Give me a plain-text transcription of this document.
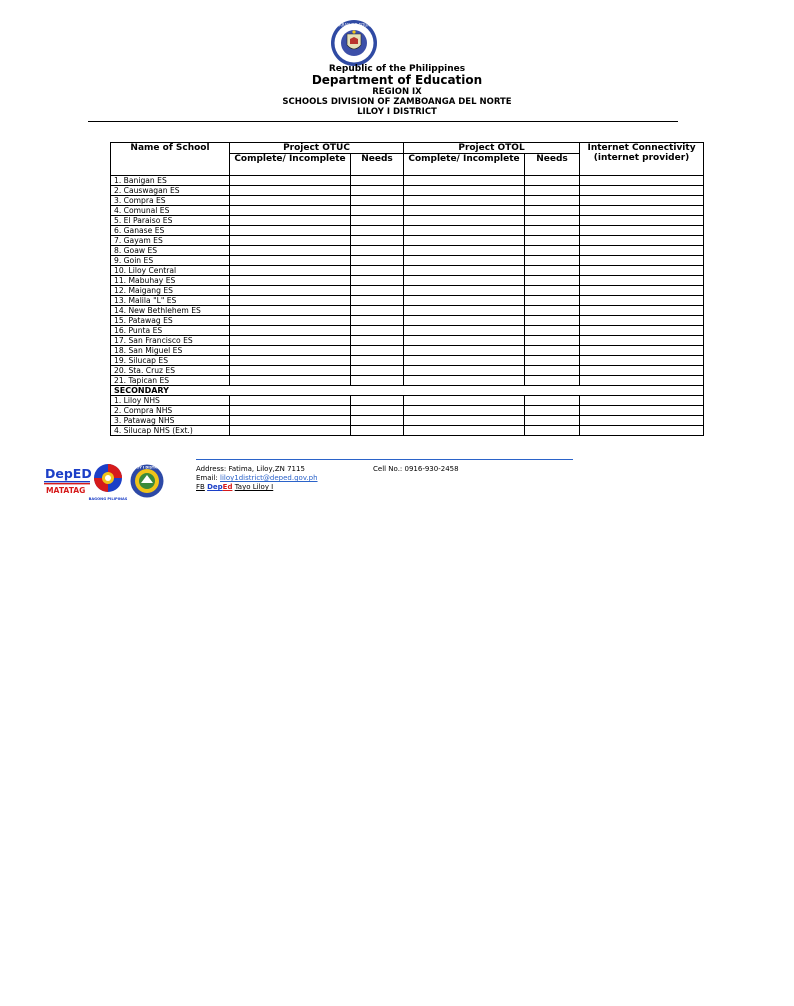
KAGAWARAN NG EDUKASYON
Republic of the Philippines
Department of Education
REGION IX
SCHOOLS DIVISION OF ZAMBOANGA DEL NORTE
LILOY I DISTRICT
Name of School	Project OTUC		Project OTOL		Internet Connectivity (internet provider)
	Complete/ Incomplete	Needs	Complete/ Incomplete	Needs	
1. Banigan ES					
2. Causwagan ES					
3. Compra ES					
4. Comunal ES					
5. El Paraiso ES					
6. Ganase ES					
7. Gayam ES					
8. Goaw ES					
9. Goin ES					
10. Liloy Central					
11. Mabuhay ES					
12. Maigang ES					
13. Malila "L" ES					
14. New Bethlehem ES					
15. Patawag ES					
16. Punta ES					
17. San Francisco ES					
18. San Miguel ES					
19. Silucap ES					
20. Sta. Cruz ES					
21. Tapican ES					
SECONDARY					
1. Liloy NHS					
2. Compra NHS					
3. Patawag NHS					
4. Silucap NHS (Ext.)					
DepED
MATATAG
BAGONG PILIPINAS
LILOY I DISTRICT	Address: Fatima, Liloy,ZN 7115
Email: liloy1district@deped.gov.ph
FB DepEd Tayo Liloy I
Cell No.: 0916-930-2458
